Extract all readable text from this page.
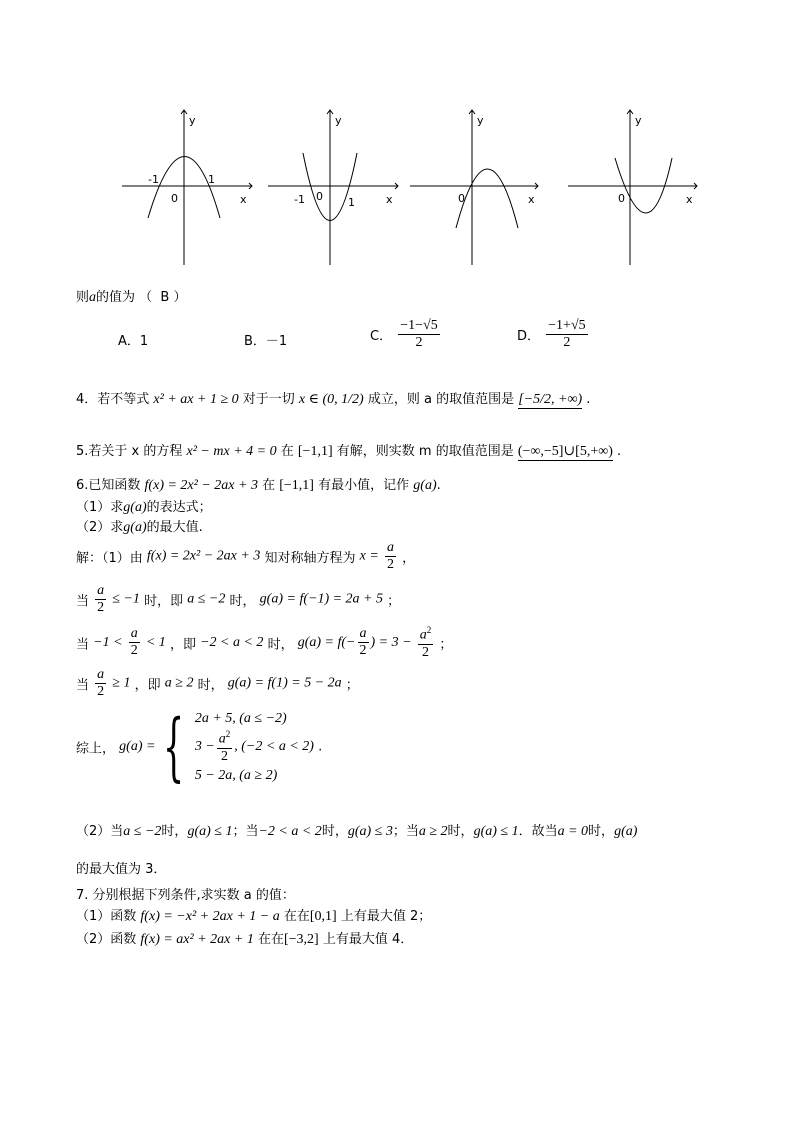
y
x
-1
0
1
y
x
-1 0 1
y
x
0
y
x
0
则a的值为 （ B ）
A．1	B．－1	C． $\frac{-1-√5}{2}$	D． $\frac{-1+√5}{2}$
4．若不等式 x² + ax + 1 ≥ 0 对于一切 x ∈ (0, 1/2) 成立，则 a 的取值范围是 [−5/2, +∞) .
5.若关于 x 的方程 x² − mx + 4 = 0 在 [−1,1] 有解，则实数 m 的取值范围是 (−∞,−5]∪[5,+∞) .
6.已知函数 f(x) = 2x² − 2ax + 3 在 [−1,1] 有最小值，记作 g(a).
（1）求g(a)的表达式；
（2）求g(a)的最大值.
解：（1）由 f(x) = 2x² − 2ax + 3 知对称轴方程为 $x = \frac{a}{2}$ ，
当 $\frac{a}{2} \le -1$ 时，即 a ≤ −2 时， g(a) = f(−1) = 2a + 5 ；
当 $-1 < \frac{a}{2} < 1$ ，即 −2 < a < 2 时， $g(a) = f(- \frac{a}{2}$ ) = $3 - \frac{a^2}{2}$ ；
当 $\frac{a}{2} \ge 1$ ，即 a ≥ 2 时， g(a) = f(1) = 5 − 2a ；
综上， g(a) = { 2a + 5, (a ≤ −2)
$3 - \frac{a^2}{2}$ , (−2 < a < 2)
5 − 2a, (a ≥ 2)
.
（2）当a ≤ −2时，g(a) ≤ 1；当−2 < a < 2时，g(a) ≤ 3；当a ≥ 2时，g(a) ≤ 1．故当a = 0时，g(a)
的最大值为 3．
7. 分别根据下列条件,求实数 a 的值：
（1）函数 f(x) = −x² + 2ax + 1 − a 在在[0,1] 上有最大值 2；
（2）函数 f(x) = ax² + 2ax + 1 在在[−3,2] 上有最大值 4．
